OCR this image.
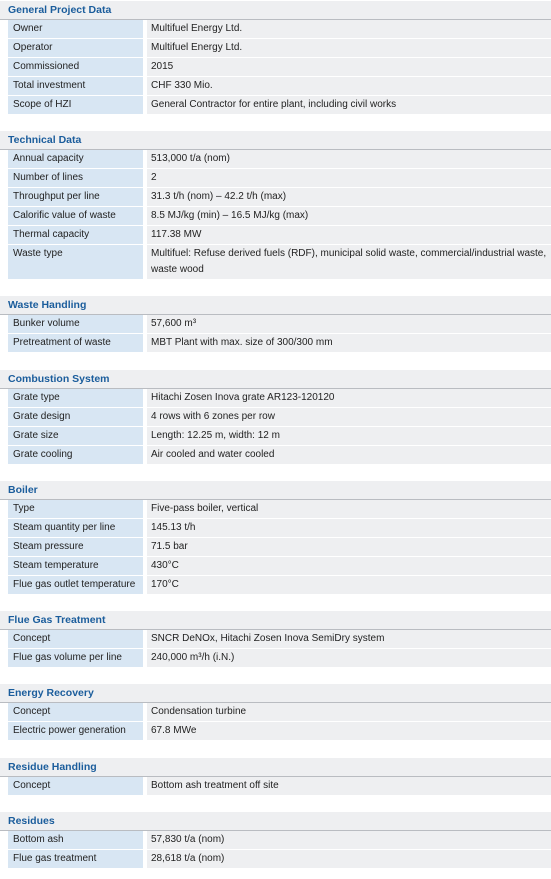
General Project Data
Owner	Multifuel Energy Ltd.
Operator	Multifuel Energy Ltd.
Commissioned	2015
Total investment	CHF 330 Mio.
Scope of HZI	General Contractor for entire plant, including civil works
Technical Data
Annual capacity	513,000 t/a (nom)
Number of lines	2
Throughput per line	31.3 t/h (nom) – 42.2 t/h (max)
Calorific value of waste	8.5 MJ/kg (min) – 16.5 MJ/kg (max)
Thermal capacity	117.38 MW
Waste type	Multifuel: Refuse derived fuels (RDF), municipal solid waste, commercial/industrial waste, waste wood
Waste Handling
Bunker volume	57,600 m³
Pretreatment of waste	MBT Plant with max. size of 300/300 mm
Combustion System
Grate type	Hitachi Zosen Inova grate AR123-120120
Grate design	4 rows with 6 zones per row
Grate size	Length: 12.25 m, width: 12 m
Grate cooling	Air cooled and water cooled
Boiler
Type	Five-pass boiler, vertical
Steam quantity per line	145.13 t/h
Steam pressure	71.5 bar
Steam temperature	430°C
Flue gas outlet temperature	170°C
Flue Gas Treatment
Concept	SNCR DeNOx, Hitachi Zosen Inova SemiDry system
Flue gas volume per line	240,000 m³/h (i.N.)
Energy Recovery
Concept	Condensation turbine
Electric power generation	67.8 MWe
Residue Handling
Concept	Bottom ash treatment off site
Residues
Bottom ash	57,830 t/a (nom)
Flue gas treatment	28,618 t/a (nom)
